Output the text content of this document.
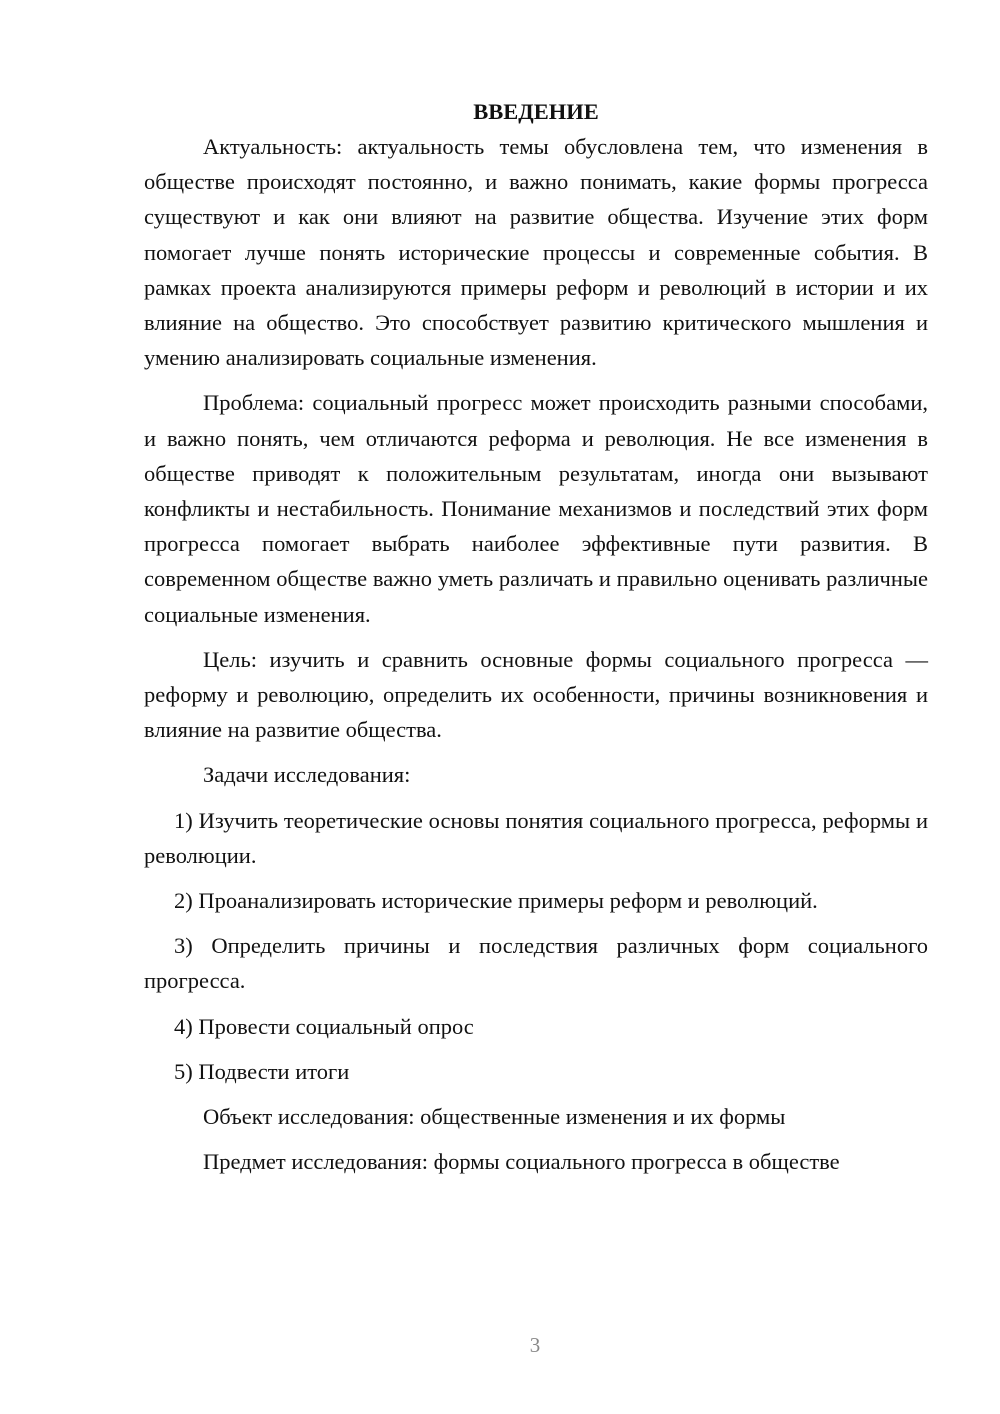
ВВЕДЕНИЕ

Актуальность: актуальность темы обусловлена тем, что изменения в обществе происходят постоянно, и важно понимать, какие формы прогресса существуют и как они влияют на развитие общества. Изучение этих форм помогает лучше понять исторические процессы и современные события. В рамках проекта анализируются примеры реформ и революций в истории и их влияние на общество. Это способствует развитию критического мышления и умению анализировать социальные изменения.

Проблема: социальный прогресс может происходить разными способами, и важно понять, чем отличаются реформа и революция. Не все изменения в обществе приводят к положительным результатам, иногда они вызывают конфликты и нестабильность. Понимание механизмов и последствий этих форм прогресса помогает выбрать наиболее эффективные пути развития. В современном обществе важно уметь различать и правильно оценивать различные социальные изменения.

Цель: изучить и сравнить основные формы социального прогресса — реформу и революцию, определить их особенности, причины возникновения и влияние на развитие общества.

Задачи исследования:

1) Изучить теоретические основы понятия социального прогресса, реформы и революции.

2) Проанализировать исторические примеры реформ и революций.

3) Определить причины и последствия различных форм социального прогресса.

4) Провести социальный опрос

5) Подвести итоги

Объект исследования: общественные изменения и их формы

Предмет исследования: формы социального прогресса в обществе

3
